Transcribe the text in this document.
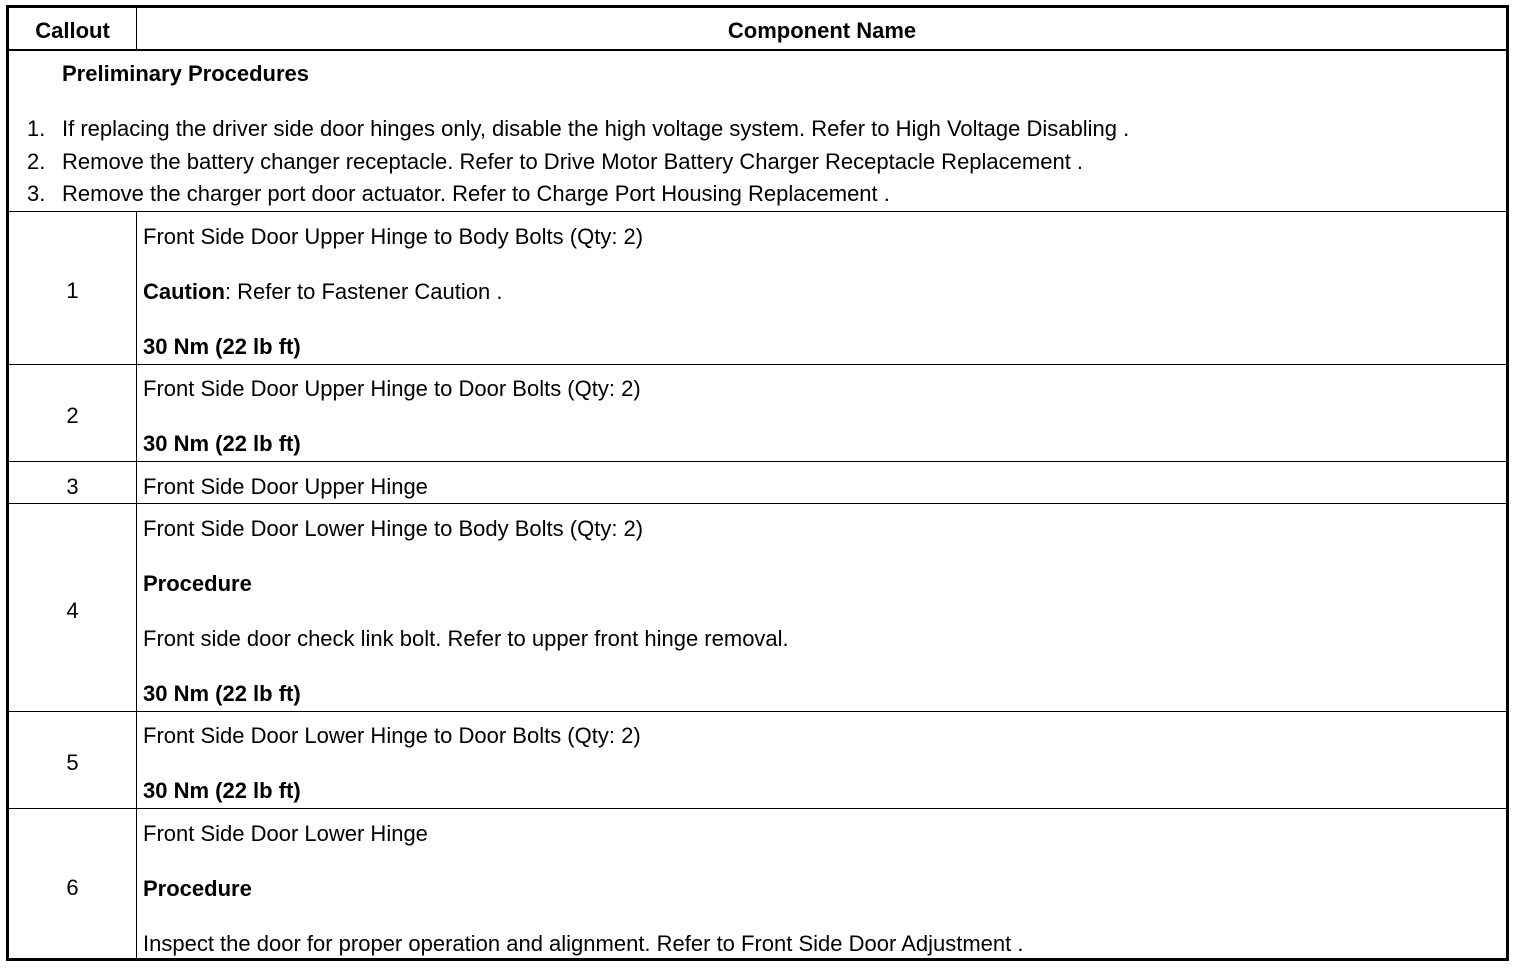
Callout	Component Name
Preliminary Procedures
1. If replacing the driver side door hinges only, disable the high voltage system. Refer to High Voltage Disabling .
2. Remove the battery changer receptacle. Refer to Drive Motor Battery Charger Receptacle Replacement .
3. Remove the charger port door actuator. Refer to Charge Port Housing Replacement .
1
Front Side Door Upper Hinge to Body Bolts (Qty: 2)
Caution: Refer to Fastener Caution .
30 Nm (22 lb ft)
2
Front Side Door Upper Hinge to Door Bolts (Qty: 2)
30 Nm (22 lb ft)
3	Front Side Door Upper Hinge
4
Front Side Door Lower Hinge to Body Bolts (Qty: 2)
Procedure
Front side door check link bolt. Refer to upper front hinge removal.
30 Nm (22 lb ft)
5
Front Side Door Lower Hinge to Door Bolts (Qty: 2)
30 Nm (22 lb ft)
6
Front Side Door Lower Hinge
Procedure
Inspect the door for proper operation and alignment. Refer to Front Side Door Adjustment .
